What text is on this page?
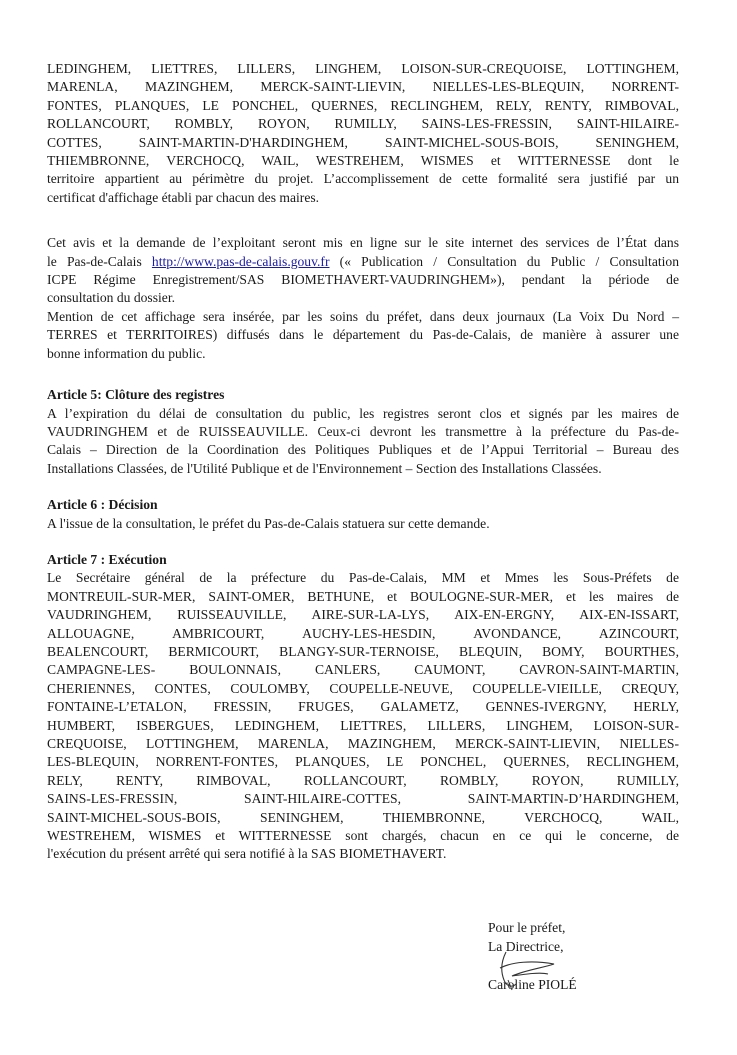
LEDINGHEM, LIETTRES, LILLERS, LINGHEM, LOISON-SUR-CREQUOISE, LOTTINGHEM,

MARENLA, MAZINGHEM, MERCK-SAINT-LIEVIN, NIELLES-LES-BLEQUIN, NORRENT-

FONTES, PLANQUES, LE PONCHEL, QUERNES, RECLINGHEM, RELY, RENTY, RIMBOVAL,

ROLLANCOURT, ROMBLY, ROYON, RUMILLY, SAINS-LES-FRESSIN, SAINT-HILAIRE-

COTTES, SAINT-MARTIN-D'HARDINGHEM, SAINT-MICHEL-SOUS-BOIS, SENINGHEM,

THIEMBRONNE, VERCHOCQ, WAIL, WESTREHEM, WISMES et WITTERNESSE dont le

territoire appartient au périmètre du projet. L’accomplissement de cette formalité sera justifié par un

certificat d'affichage établi par chacun des maires.

Cet avis et la demande de l’exploitant seront mis en ligne sur le site internet des services de l’État dans

le Pas-de-Calais http://www.pas-de-calais.gouv.fr (« Publication / Consultation du Public / Consultation

ICPE Régime Enregistrement/SAS BIOMETHAVERT-VAUDRINGHEM»), pendant la période de

consultation du dossier.

Mention de cet affichage sera insérée, par les soins du préfet, dans deux journaux (La Voix Du Nord –

TERRES et TERRITOIRES) diffusés dans le département du Pas-de-Calais, de manière à assurer une

bonne information du public.

Article 5: Clôture des registres

A l’expiration du délai de consultation du public, les registres seront clos et signés par les maires de

VAUDRINGHEM et de RUISSEAUVILLE. Ceux-ci devront les transmettre à la préfecture du Pas-de-

Calais – Direction de la Coordination des Politiques Publiques et de l’Appui Territorial – Bureau des

Installations Classées, de l'Utilité Publique et de l'Environnement – Section des Installations Classées.

Article 6 : Décision

A l'issue de la consultation, le préfet du Pas-de-Calais statuera sur cette demande.

Article 7 : Exécution

Le Secrétaire général de la préfecture du Pas-de-Calais, MM et Mmes les Sous-Préfets de

MONTREUIL-SUR-MER, SAINT-OMER, BETHUNE, et BOULOGNE-SUR-MER, et les maires de

VAUDRINGHEM, RUISSEAUVILLE, AIRE-SUR-LA-LYS, AIX-EN-ERGNY, AIX-EN-ISSART,

ALLOUAGNE, AMBRICOURT, AUCHY-LES-HESDIN, AVONDANCE, AZINCOURT,

BEALENCOURT, BERMICOURT, BLANGY-SUR-TERNOISE, BLEQUIN, BOMY, BOURTHES,

CAMPAGNE-LES- BOULONNAIS, CANLERS, CAUMONT, CAVRON-SAINT-MARTIN,

CHERIENNES, CONTES, COULOMBY, COUPELLE-NEUVE, COUPELLE-VIEILLE, CREQUY,

FONTAINE-L’ETALON, FRESSIN, FRUGES, GALAMETZ, GENNES-IVERGNY, HERLY,

HUMBERT, ISBERGUES, LEDINGHEM, LIETTRES, LILLERS, LINGHEM, LOISON-SUR-

CREQUOISE, LOTTINGHEM, MARENLA, MAZINGHEM, MERCK-SAINT-LIEVIN, NIELLES-

LES-BLEQUIN, NORRENT-FONTES, PLANQUES, LE PONCHEL, QUERNES, RECLINGHEM,

RELY, RENTY, RIMBOVAL, ROLLANCOURT, ROMBLY, ROYON, RUMILLY,

SAINS-LES-FRESSIN, SAINT-HILAIRE-COTTES, SAINT-MARTIN-D’HARDINGHEM,

SAINT-MICHEL-SOUS-BOIS, SENINGHEM, THIEMBRONNE, VERCHOCQ, WAIL,

WESTREHEM, WISMES et WITTERNESSE sont chargés, chacun en ce qui le concerne, de

l'exécution du présent arrêté qui sera notifié à la SAS BIOMETHAVERT.

Pour le préfet,

La Directrice,

Caroline PIOLÉ
